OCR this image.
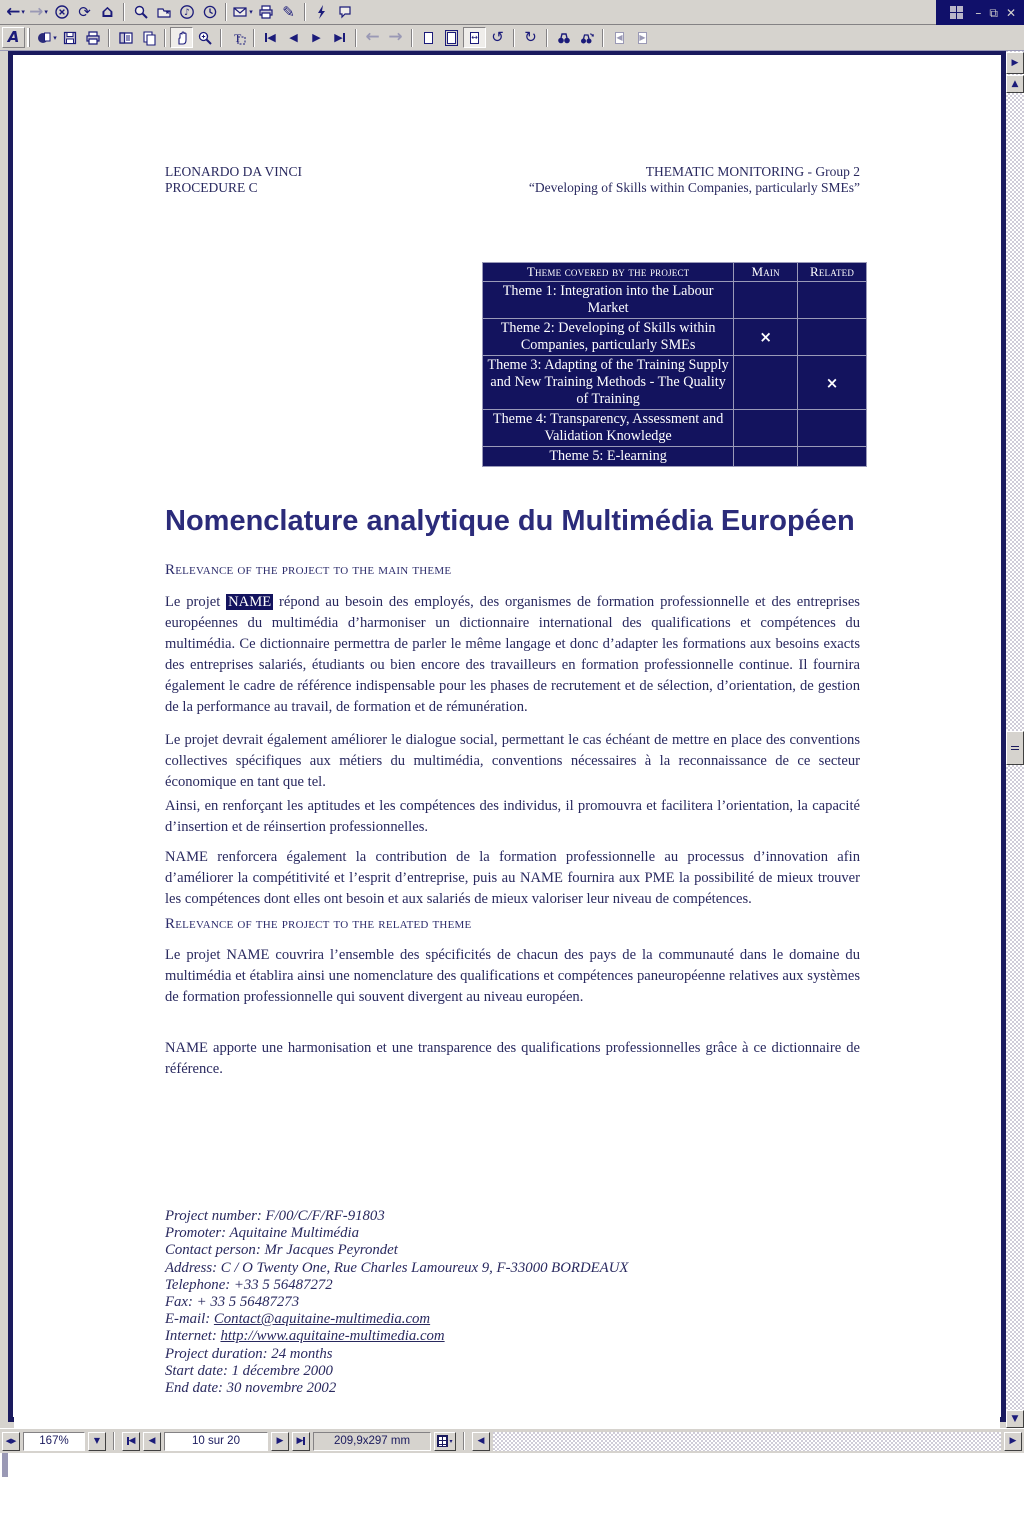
← ▾ → ▾ ⟳ ⌂	♪	▾ ✎	– ⧉ ✕
A	▾	T ◀ ◀ ▶ ▶ ← →	↔ ↺ ↻	◀ ▶
LEONARDO DA VINCI
PROCEDURE C
THEMATIC MONITORING - Group 2
“Developing of Skills within Companies, particularly SMEs”
Theme covered by the project	Main	Related
Theme 1: Integration into the Labour Market		
Theme 2: Developing of Skills within Companies, particularly SMEs	×	
Theme 3: Adapting of the Training Supply and New Training Methods - The Quality of Training		×
Theme 4: Transparency, Assessment and Validation Knowledge		
Theme 5: E-learning		
Nomenclature analytique du Multimédia Européen
Relevance of the project to the main theme

Le projet NAME répond au besoin des employés, des organismes de formation professionnelle et des entreprises européennes du multimédia d’harmoniser un dictionnaire international des qualifications et compétences du multimédia. Ce dictionnaire permettra de parler le même langage et donc d’adapter les formations aux besoins exacts des entreprises salariés, étudiants ou bien encore des travailleurs en formation professionnelle continue. Il fournira également le cadre de référence indispensable pour les phases de recrutement et de sélection, d’orientation, de gestion de la performance au travail, de formation et de rémunération.

Le projet devrait également améliorer le dialogue social, permettant le cas échéant de mettre en place des conventions collectives spécifiques aux métiers du multimédia, conventions nécessaires à la reconnaissance de ce secteur économique en tant que tel.

Ainsi, en renforçant les aptitudes et les compétences des individus, il promouvra et facilitera l’orientation, la capacité d’insertion et de réinsertion professionnelles.

NAME renforcera également la contribution de la formation professionnelle au processus d’innovation afin d’améliorer la compétitivité et l’esprit d’entreprise, puis au NAME fournira aux PME la possibilité de mieux trouver les compétences dont elles ont besoin et aux salariés de mieux valoriser leur niveau de compétences.

Relevance of the project to the related theme

Le projet NAME couvrira l’ensemble des spécificités de chacun des pays de la communauté dans le domaine du multimédia et établira ainsi une nomenclature des qualifications et compétences paneuropéenne relatives aux systèmes de formation professionnelle qui souvent divergent au niveau européen.

NAME apporte une harmonisation et une transparence des qualifications professionnelles grâce à ce dictionnaire de référence.

Project number: F/00/C/F/RF-91803
Promoter: Aquitaine Multimédia
Contact person: Mr Jacques Peyrondet
Address: C / O Twenty One, Rue Charles Lamoureux 9, F-33000 BORDEAUX
Telephone: +33 5 56487272
Fax: + 33 5 56487273
E-mail: Contact@aquitaine-multimedia.com
Internet: http://www.aquitaine-multimedia.com
Project duration: 24 months
Start date: 1 décembre 2000
End date: 30 novembre 2002
▶
▲
▼
◀▶ 167%	▼	◀ ◀	10 sur 20	▶ ▶	209,9x297 mm	▾	◀	▶
